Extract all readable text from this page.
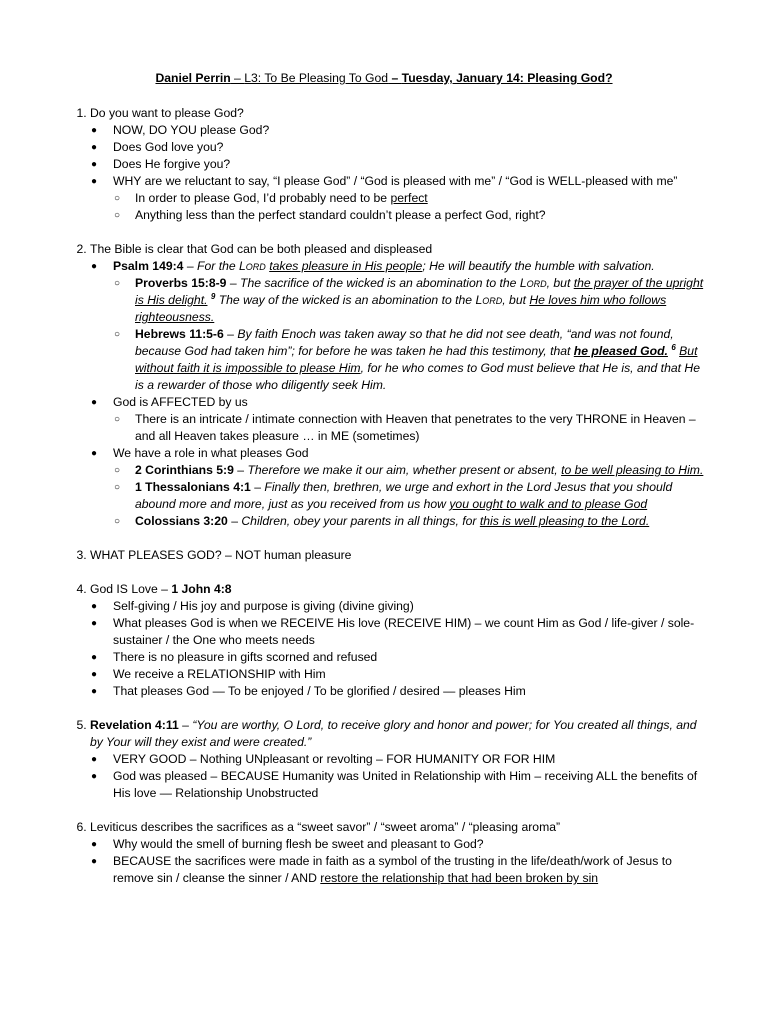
Daniel Perrin – L3: To Be Pleasing To God – Tuesday, January 14: Pleasing God?
1. Do you want to please God?
● NOW, DO YOU please God?
● Does God love you?
● Does He forgive you?
● WHY are we reluctant to say, “I please God” / “God is pleased with me” / “God is WELL-pleased with me”
○ In order to please God, I’d probably need to be perfect
○ Anything less than the perfect standard couldn’t please a perfect God, right?
2. The Bible is clear that God can be both pleased and displeased
● Psalm 149:4 – For the Lord takes pleasure in His people; He will beautify the humble with salvation.
○ Proverbs 15:8-9 – The sacrifice of the wicked is an abomination to the Lord, but the prayer of the upright is His delight. $^9$ The way of the wicked is an abomination to the Lord, but He loves him who follows righteousness.
○ Hebrews 11:5-6 – By faith Enoch was taken away so that he did not see death, “and was not found, because God had taken him”; for before he was taken he had this testimony, that he pleased God. $^6$ But without faith it is impossible to please Him, for he who comes to God must believe that He is, and that He is a rewarder of those who diligently seek Him.
● God is AFFECTED by us
○ There is an intricate / intimate connection with Heaven that penetrates to the very THRONE in Heaven – and all Heaven takes pleasure … in ME (sometimes)
● We have a role in what pleases God
○ 2 Corinthians 5:9 – Therefore we make it our aim, whether present or absent, to be well pleasing to Him.
○ 1 Thessalonians 4:1 – Finally then, brethren, we urge and exhort in the Lord Jesus that you should abound more and more, just as you received from us how you ought to walk and to please God
○ Colossians 3:20 – Children, obey your parents in all things, for this is well pleasing to the Lord.
3. WHAT PLEASES GOD? – NOT human pleasure
4. God IS Love – 1 John 4:8
● Self-giving / His joy and purpose is giving (divine giving)
● What pleases God is when we RECEIVE His love (RECEIVE HIM) – we count Him as God / life-giver / sole-sustainer / the One who meets needs
● There is no pleasure in gifts scorned and refused
● We receive a RELATIONSHIP with Him
● That pleases God — To be enjoyed / To be glorified / desired — pleases Him
5. Revelation 4:11 – “You are worthy, O Lord, to receive glory and honor and power; for You created all things, and by Your will they exist and were created.”
● VERY GOOD – Nothing UNpleasant or revolting – FOR HUMANITY OR FOR HIM
● God was pleased – BECAUSE Humanity was United in Relationship with Him – receiving ALL the benefits of His love — Relationship Unobstructed
6. Leviticus describes the sacrifices as a “sweet savor” / “sweet aroma” / “pleasing aroma”
● Why would the smell of burning flesh be sweet and pleasant to God?
● BECAUSE the sacrifices were made in faith as a symbol of the trusting in the life/death/work of Jesus to remove sin / cleanse the sinner / AND restore the relationship that had been broken by sin
